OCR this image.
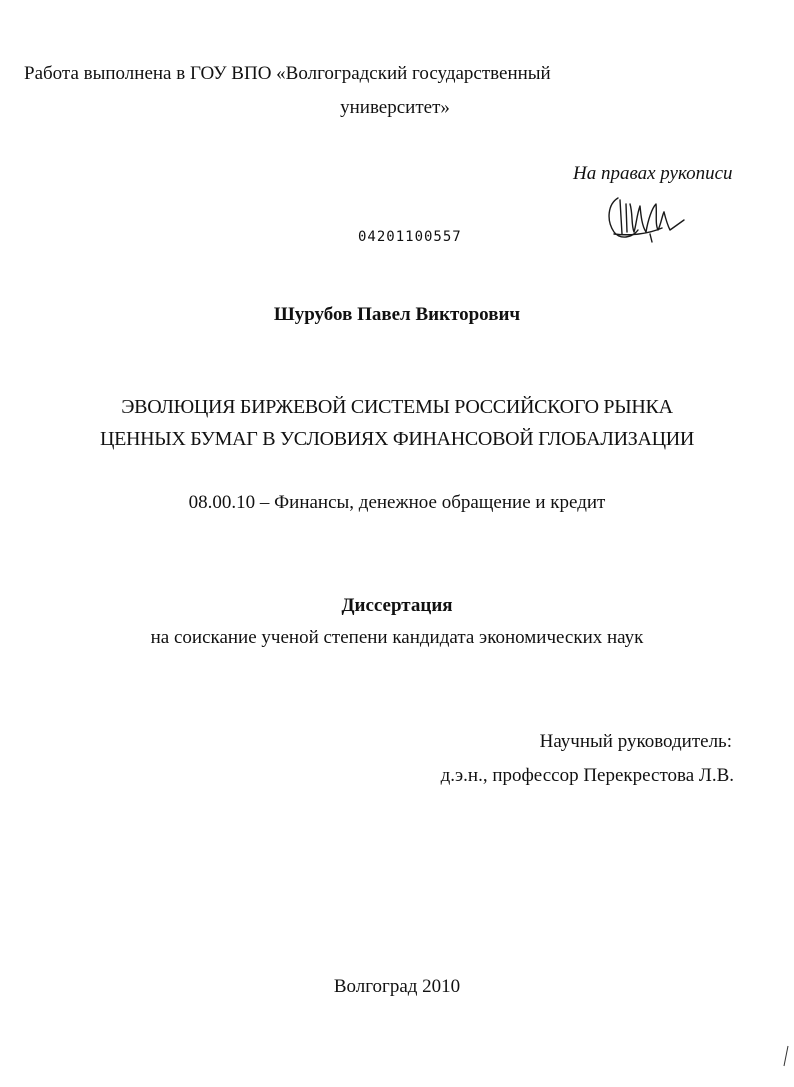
Работа выполнена в ГОУ ВПО «Волгоградский государственный
университет»
На правах рукописи
04201100557
Шурубов Павел Викторович
ЭВОЛЮЦИЯ БИРЖЕВОЙ СИСТЕМЫ РОССИЙСКОГО РЫНКА
ЦЕННЫХ БУМАГ В УСЛОВИЯХ ФИНАНСОВОЙ ГЛОБАЛИЗАЦИИ
08.00.10 – Финансы, денежное обращение и кредит
Диссертация
на соискание ученой степени кандидата экономических наук
Научный руководитель:
д.э.н., профессор Перекрестова Л.В.
Волгоград 2010
